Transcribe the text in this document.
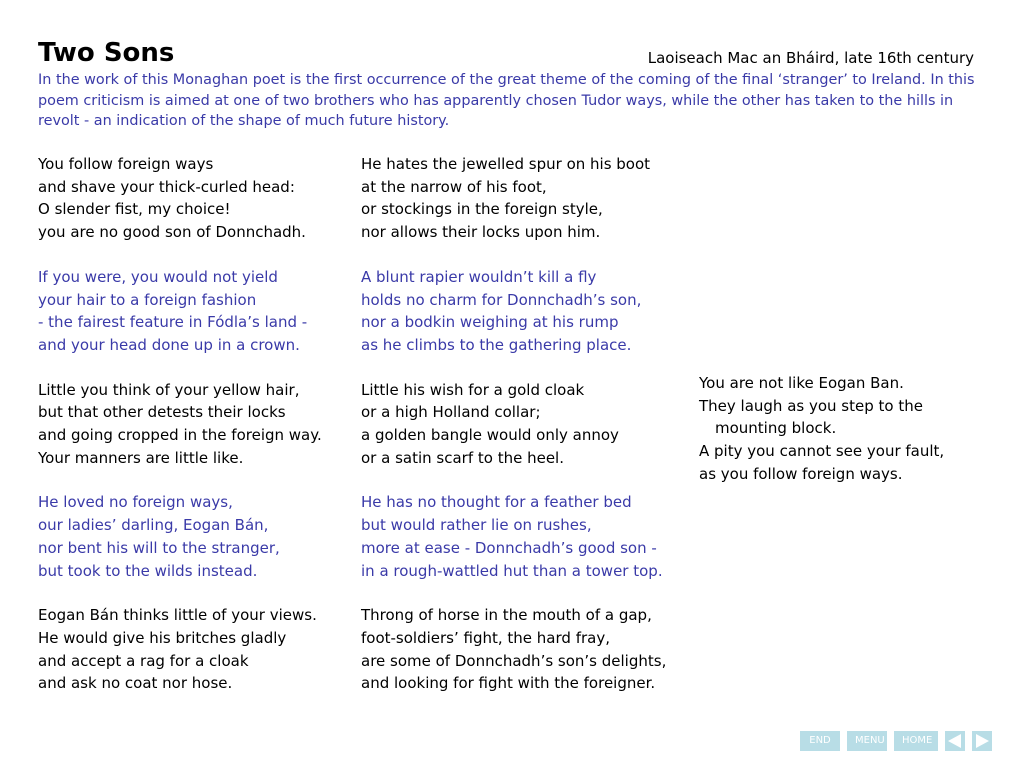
Two Sons	Laoiseach Mac an Bháird, late 16th century
In the work of this Monaghan poet is the first occurrence of the great theme of the coming of the final ‘stranger’ to Ireland. In this poem criticism is aimed at one of two brothers who has apparently chosen Tudor ways, while the other has taken to the hills in revolt - an indication of the shape of much future history.
You follow foreign ways
and shave your thick-curled head:
O slender fist, my choice!
you are no good son of Donnchadh.
If you were, you would not yield
your hair to a foreign fashion
- the fairest feature in Fódla’s land -
and your head done up in a crown.
Little you think of your yellow hair,
but that other detests their locks
and going cropped in the foreign way.
Your manners are little like.
He loved no foreign ways,
our ladies’ darling, Eogan Bán,
nor bent his will to the stranger,
but took to the wilds instead.
Eogan Bán thinks little of your views.
He would give his britches gladly
and accept a rag for a cloak
and ask no coat nor hose.
He hates the jewelled spur on his boot
at the narrow of his foot,
or stockings in the foreign style,
nor allows their locks upon him.
A blunt rapier wouldn’t kill a fly
holds no charm for Donnchadh’s son,
nor a bodkin weighing at his rump
as he climbs to the gathering place.
Little his wish for a gold cloak
or a high Holland collar;
a golden bangle would only annoy
or a satin scarf to the heel.
He has no thought for a feather bed
but would rather lie on rushes,
more at ease - Donnchadh’s good son -
in a rough-wattled hut than a tower top.
Throng of horse in the mouth of a gap,
foot-soldiers’ fight, the hard fray,
are some of Donnchadh’s son’s delights,
and looking for fight with the foreigner.
You are not like Eogan Ban.
They laugh as you step to the
mounting block.
A pity you cannot see your fault,
as you follow foreign ways.
END	MENU	HOME
